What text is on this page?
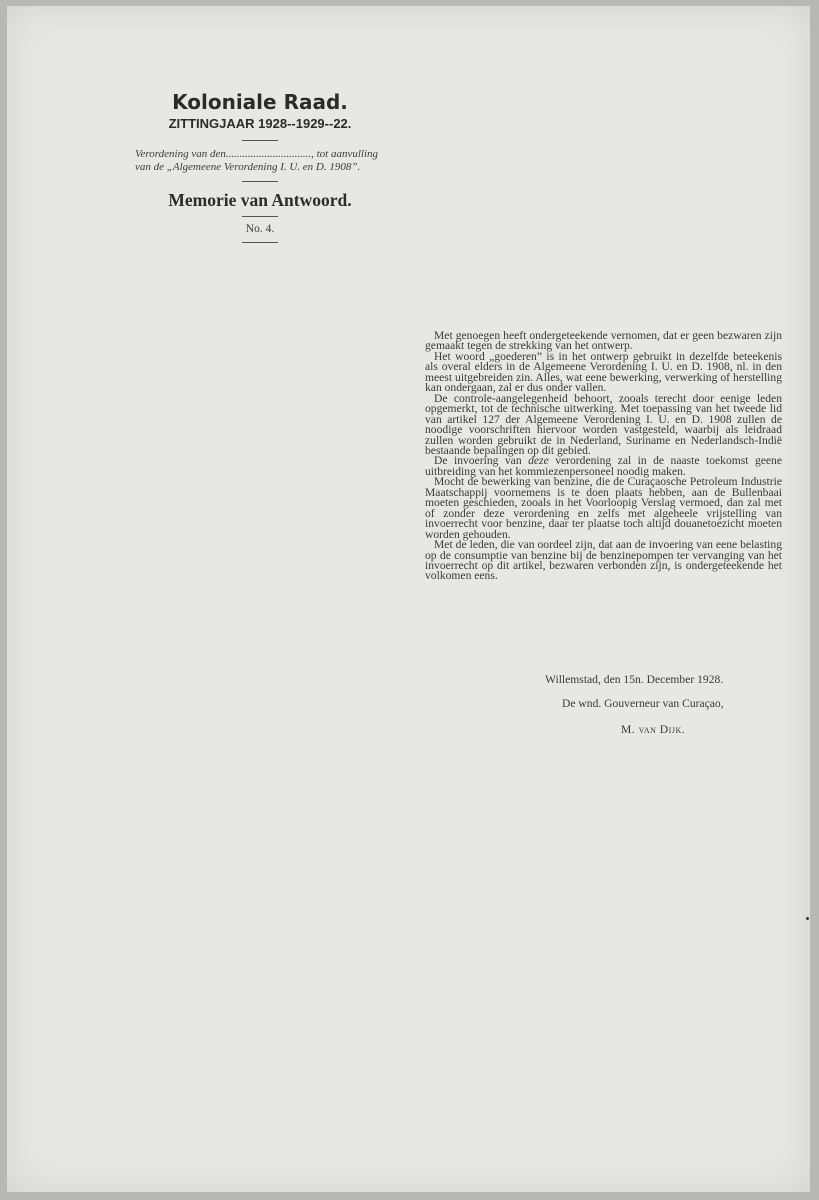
Koloniale Raad.
ZITTINGJAAR 1928--1929--22.

Verordening van den..............................., tot aanvulling van de „Algemeene Verordening I. U. en D. 1908”.

Memorie van Antwoord.
No. 4.

Met genoegen heeft ondergeteekende vernomen, dat er geen bezwaren zijn gemaakt tegen de strekking van het ontwerp.

Het woord „goederen” is in het ontwerp gebruikt in dezelfde beteekenis als overal elders in de Algemeene Verordening I. U. en D. 1908, nl. in den meest uitgebreiden zin. Alles, wat eene bewerking, verwerking of herstelling kan ondergaan, zal er dus onder vallen.

De controle-aangelegenheid behoort, zooals terecht door eenige leden opgemerkt, tot de technische uitwerking. Met toepassing van het tweede lid van artikel 127 der Algemeene Verordening I. U. en D. 1908 zullen de noodige voorschriften hiervoor worden vastgesteld, waarbij als leidraad zullen worden gebruikt de in Nederland, Suriname en Nederlandsch-Indië bestaande bepalingen op dit gebied.

De invoering van deze verordening zal in de naaste toekomst geene uitbreiding van het kommiezenpersoneel noodig maken.

Mocht de bewerking van benzine, die de Curaçaosche Petroleum Industrie Maatschappij voornemens is te doen plaats hebben, aan de Bullenbaai moeten geschieden, zooals in het Voorloopig Verslag vermoed, dan zal met of zonder deze verordening en zelfs met algeheele vrijstelling van invoerrecht voor benzine, daar ter plaatse toch altijd douanetoezicht moeten worden gehouden.

Met de leden, die van oordeel zijn, dat aan de invoering van eene belasting op de consumptie van benzine bij de benzinepompen ter vervanging van het invoerrecht op dit artikel, bezwaren verbonden zijn, is ondergeteekende het volkomen eens.

Willemstad, den 15n. December 1928.
De wnd. Gouverneur van Curaçao,
M. van Dijk.
